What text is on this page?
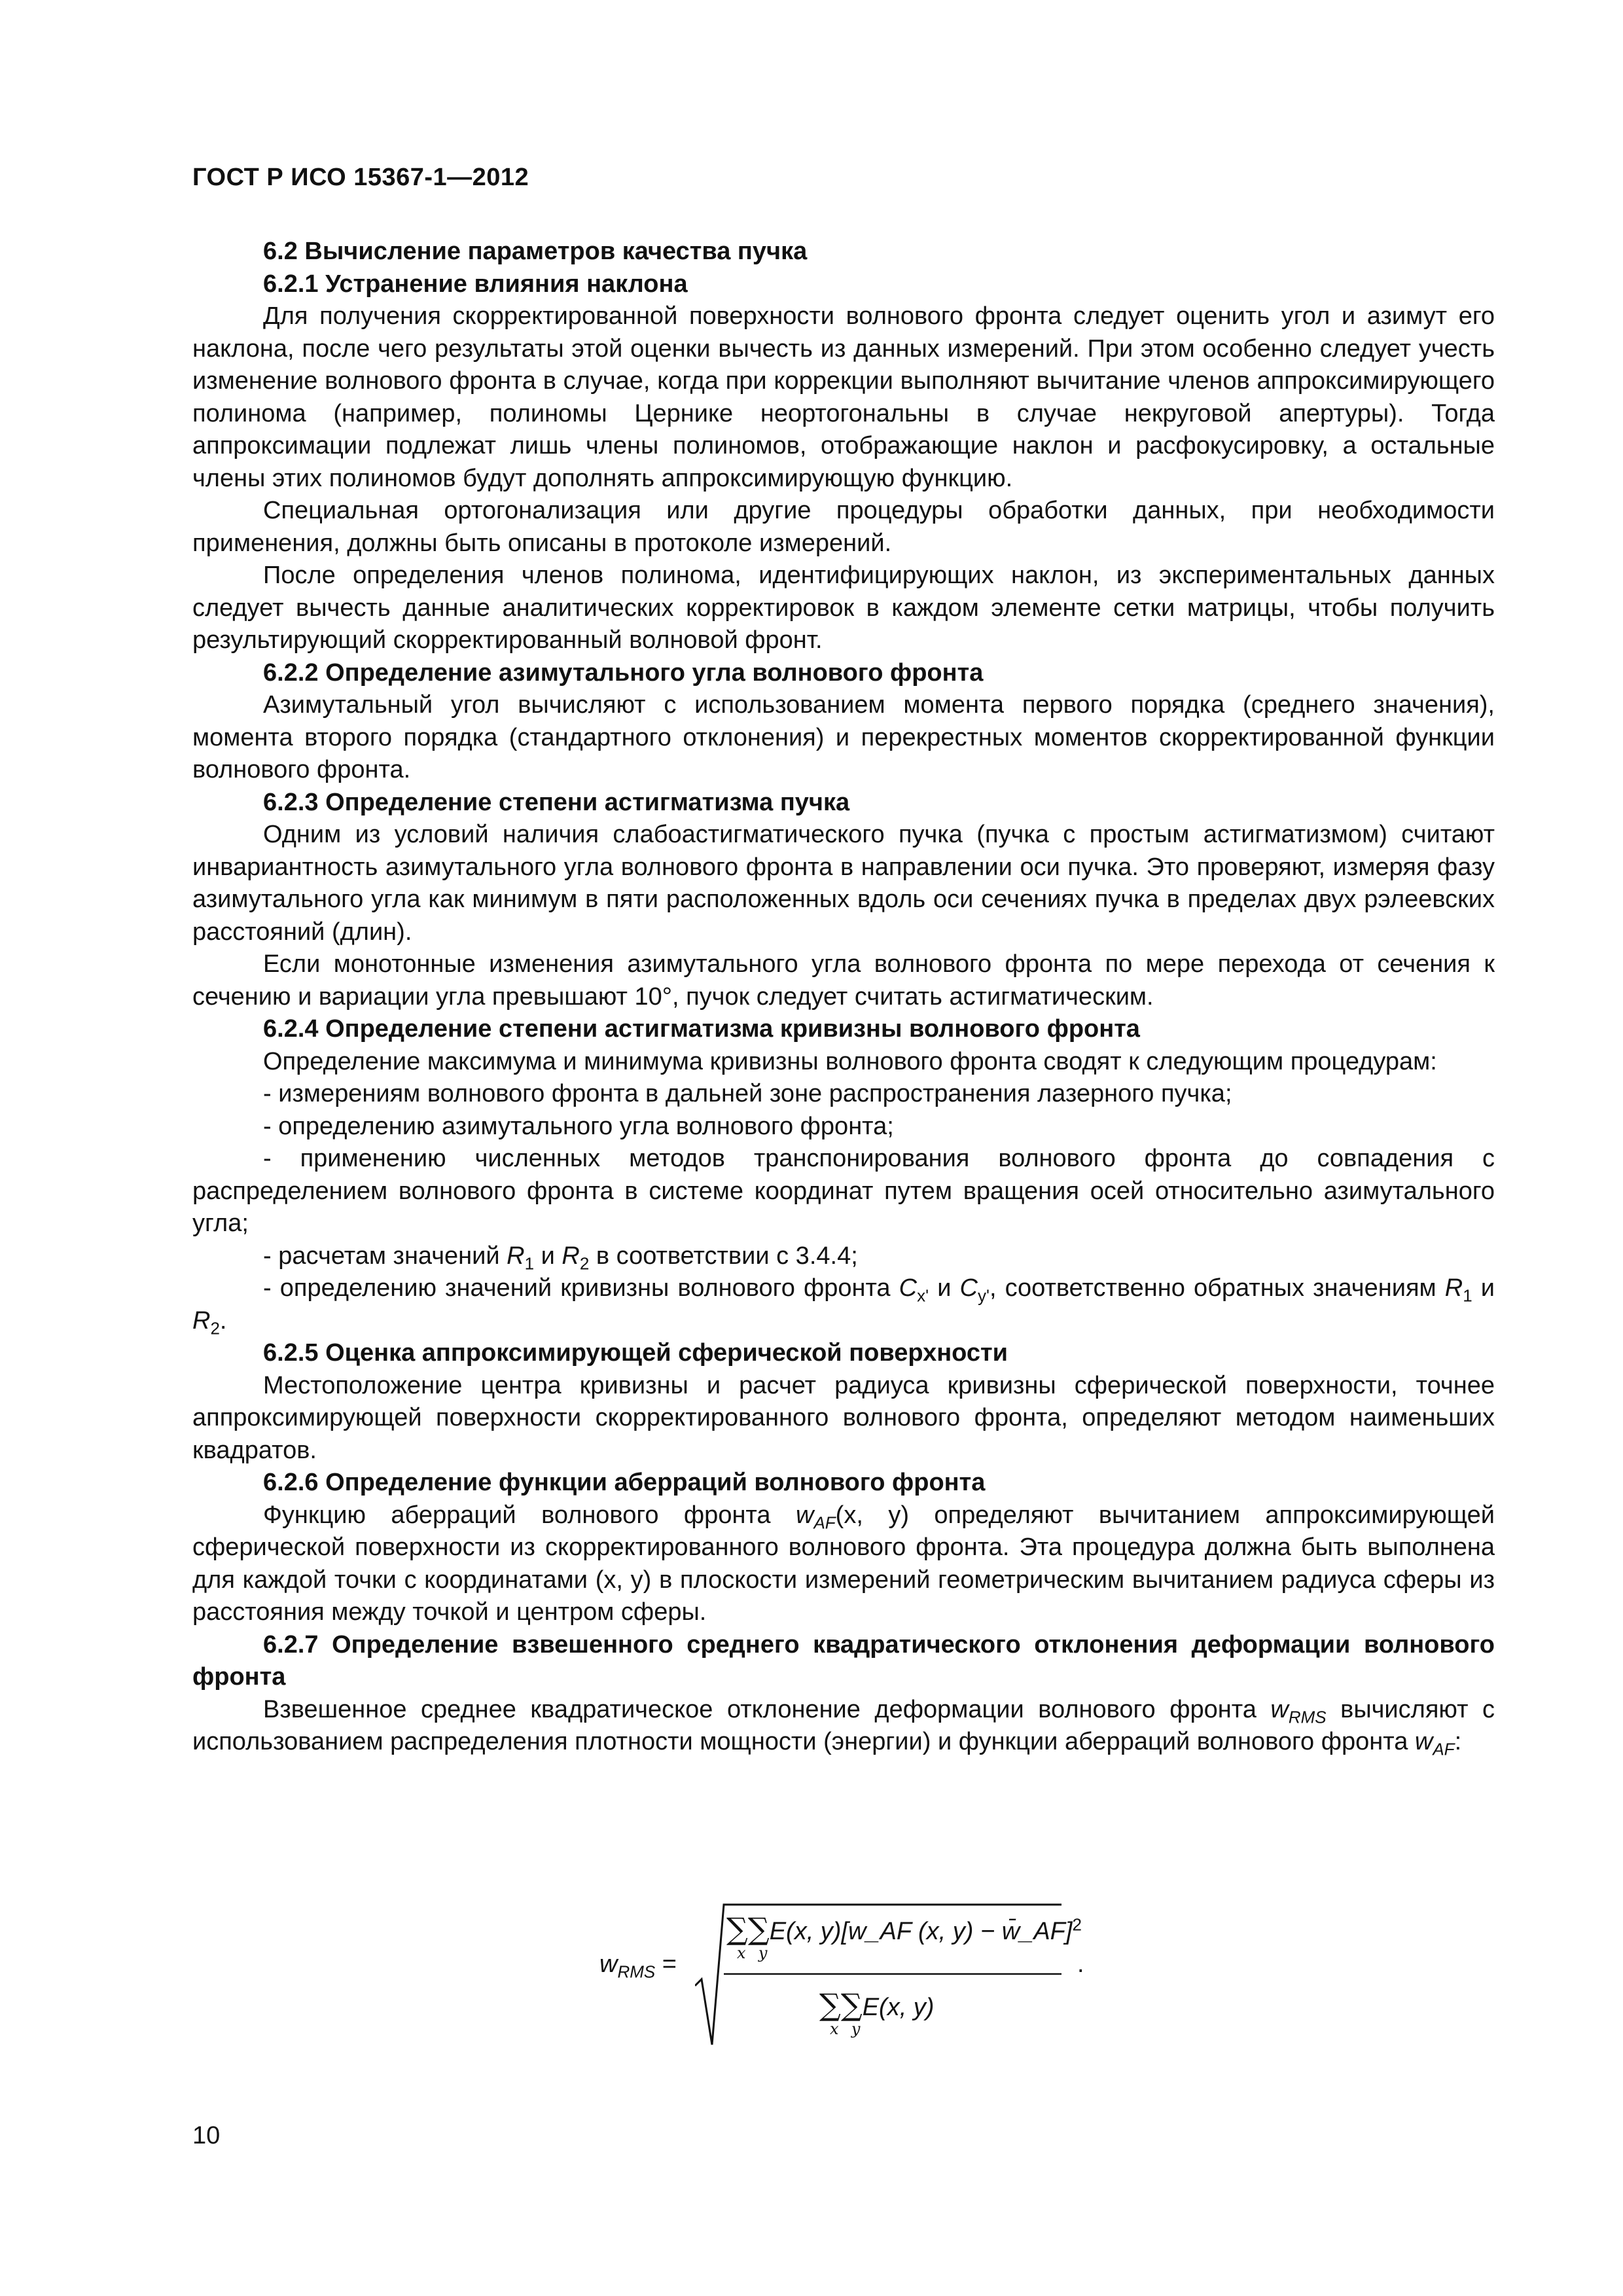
ГОСТ Р ИСО 15367-1—2012

6.2 Вычисление параметров качества пучка

6.2.1 Устранение влияния наклона

Для получения скорректированной поверхности волнового фронта следует оценить угол и азимут его наклона, после чего результаты этой оценки вычесть из данных измерений. При этом особенно следует учесть изменение волнового фронта в случае, когда при коррекции выполняют вычитание членов аппроксимирующего полинома (например, полиномы Цернике неортогональны в случае некруговой апертуры). Тогда аппроксимации подлежат лишь члены полиномов, отображающие наклон и расфокусировку, а остальные члены этих полиномов будут дополнять аппроксимирующую функцию.

Специальная ортогонализация или другие процедуры обработки данных, при необходимости применения, должны быть описаны в протоколе измерений.

После определения членов полинома, идентифицирующих наклон, из экспериментальных данных следует вычесть данные аналитических корректировок в каждом элементе сетки матрицы, чтобы получить результирующий скорректированный волновой фронт.

6.2.2 Определение азимутального угла волнового фронта

Азимутальный угол вычисляют с использованием момента первого порядка (среднего значения), момента второго порядка (стандартного отклонения) и перекрестных моментов скорректированной функции волнового фронта.

6.2.3 Определение степени астигматизма пучка

Одним из условий наличия слабоастигматического пучка (пучка с простым астигматизмом) считают инвариантность азимутального угла волнового фронта в направлении оси пучка. Это проверяют, измеряя фазу азимутального угла как минимум в пяти расположенных вдоль оси сечениях пучка в пределах двух рэлеевских расстояний (длин).

Если монотонные изменения азимутального угла волнового фронта по мере перехода от сечения к сечению и вариации угла превышают 10°, пучок следует считать астигматическим.

6.2.4 Определение степени астигматизма кривизны волнового фронта

Определение максимума и минимума кривизны волнового фронта сводят к следующим процедурам:

- измерениям волнового фронта в дальней зоне распространения лазерного пучка;

- определению азимутального угла волнового фронта;

- применению численных методов транспонирования волнового фронта до совпадения с распределением волнового фронта в системе координат путем вращения осей относительно азимутального угла;

- расчетам значений $R_1$ и $R_2$ в соответствии с 3.4.4;

- определению значений кривизны волнового фронта $C_{x'}$ и $C_{y'}$, соответственно обратных значениям $R_1$ и $R_2$.

6.2.5 Оценка аппроксимирующей сферической поверхности

Местоположение центра кривизны и расчет радиуса кривизны сферической поверхности, точнее аппроксимирующей поверхности скорректированного волнового фронта, определяют методом наименьших квадратов.

6.2.6 Определение функции аберраций волнового фронта

Функцию аберраций волнового фронта $w_{AF}(x$, y) определяют вычитанием аппроксимирующей сферической поверхности из скорректированного волнового фронта. Эта процедура должна быть выполнена для каждой точки с координатами (x, y) в плоскости измерений геометрическим вычитанием радиуса сферы из расстояния между точкой и центром сферы.

6.2.7 Определение взвешенного среднего квадратического отклонения деформации волнового фронта

Взвешенное среднее квадратическое отклонение деформации волнового фронта $w_{RMS}$ вычисляют с использованием распределения плотности мощности (энергии) и функции аберраций волнового фронта $w_{AF}$:

$w_{RMS}$ =
∑
x
∑
y
E(x, y)[w_AF (x, y) − w̄_AF]$^2$
∑
x
∑
y
E(x, y)
.
10
